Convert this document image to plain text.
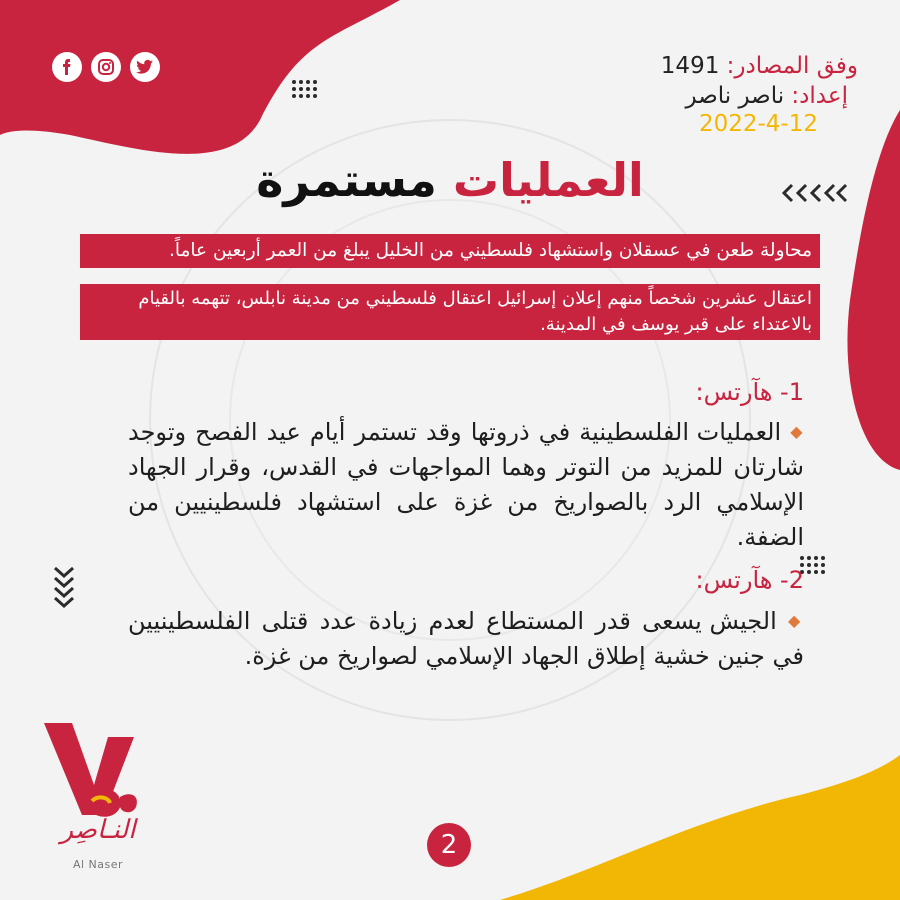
وفق المصادر: 1491
إعداد: ناصر ناصر
2022-4-12
العمليات مستمرة
محاولة طعن في عسقلان واستشهاد فلسطيني من الخليل يبلغ من العمر أربعين عاماً.
اعتقال عشرين شخصاً منهم إعلان إسرائيل اعتقال فلسطيني من مدينة نابلس، تتهمه بالقيام بالاعتداء على قبر يوسف في المدينة.
1- هآرتس:
◆ العمليات الفلسطينية في ذروتها وقد تستمر أيام عيد الفصح وتوجد شارتان للمزيد من التوتر وهما المواجهات في القدس، وقرار الجهاد الإسلامي الرد بالصواريخ من غزة على استشهاد فلسطينيين من الضفة.
2- هآرتس:
◆ الجيش يسعى قدر المستطاع لعدم زيادة عدد قتلى الفلسطينيين في جنين خشية إطلاق الجهاد الإسلامي لصواريخ من غزة.
النـاصِر
Al Naser
2
